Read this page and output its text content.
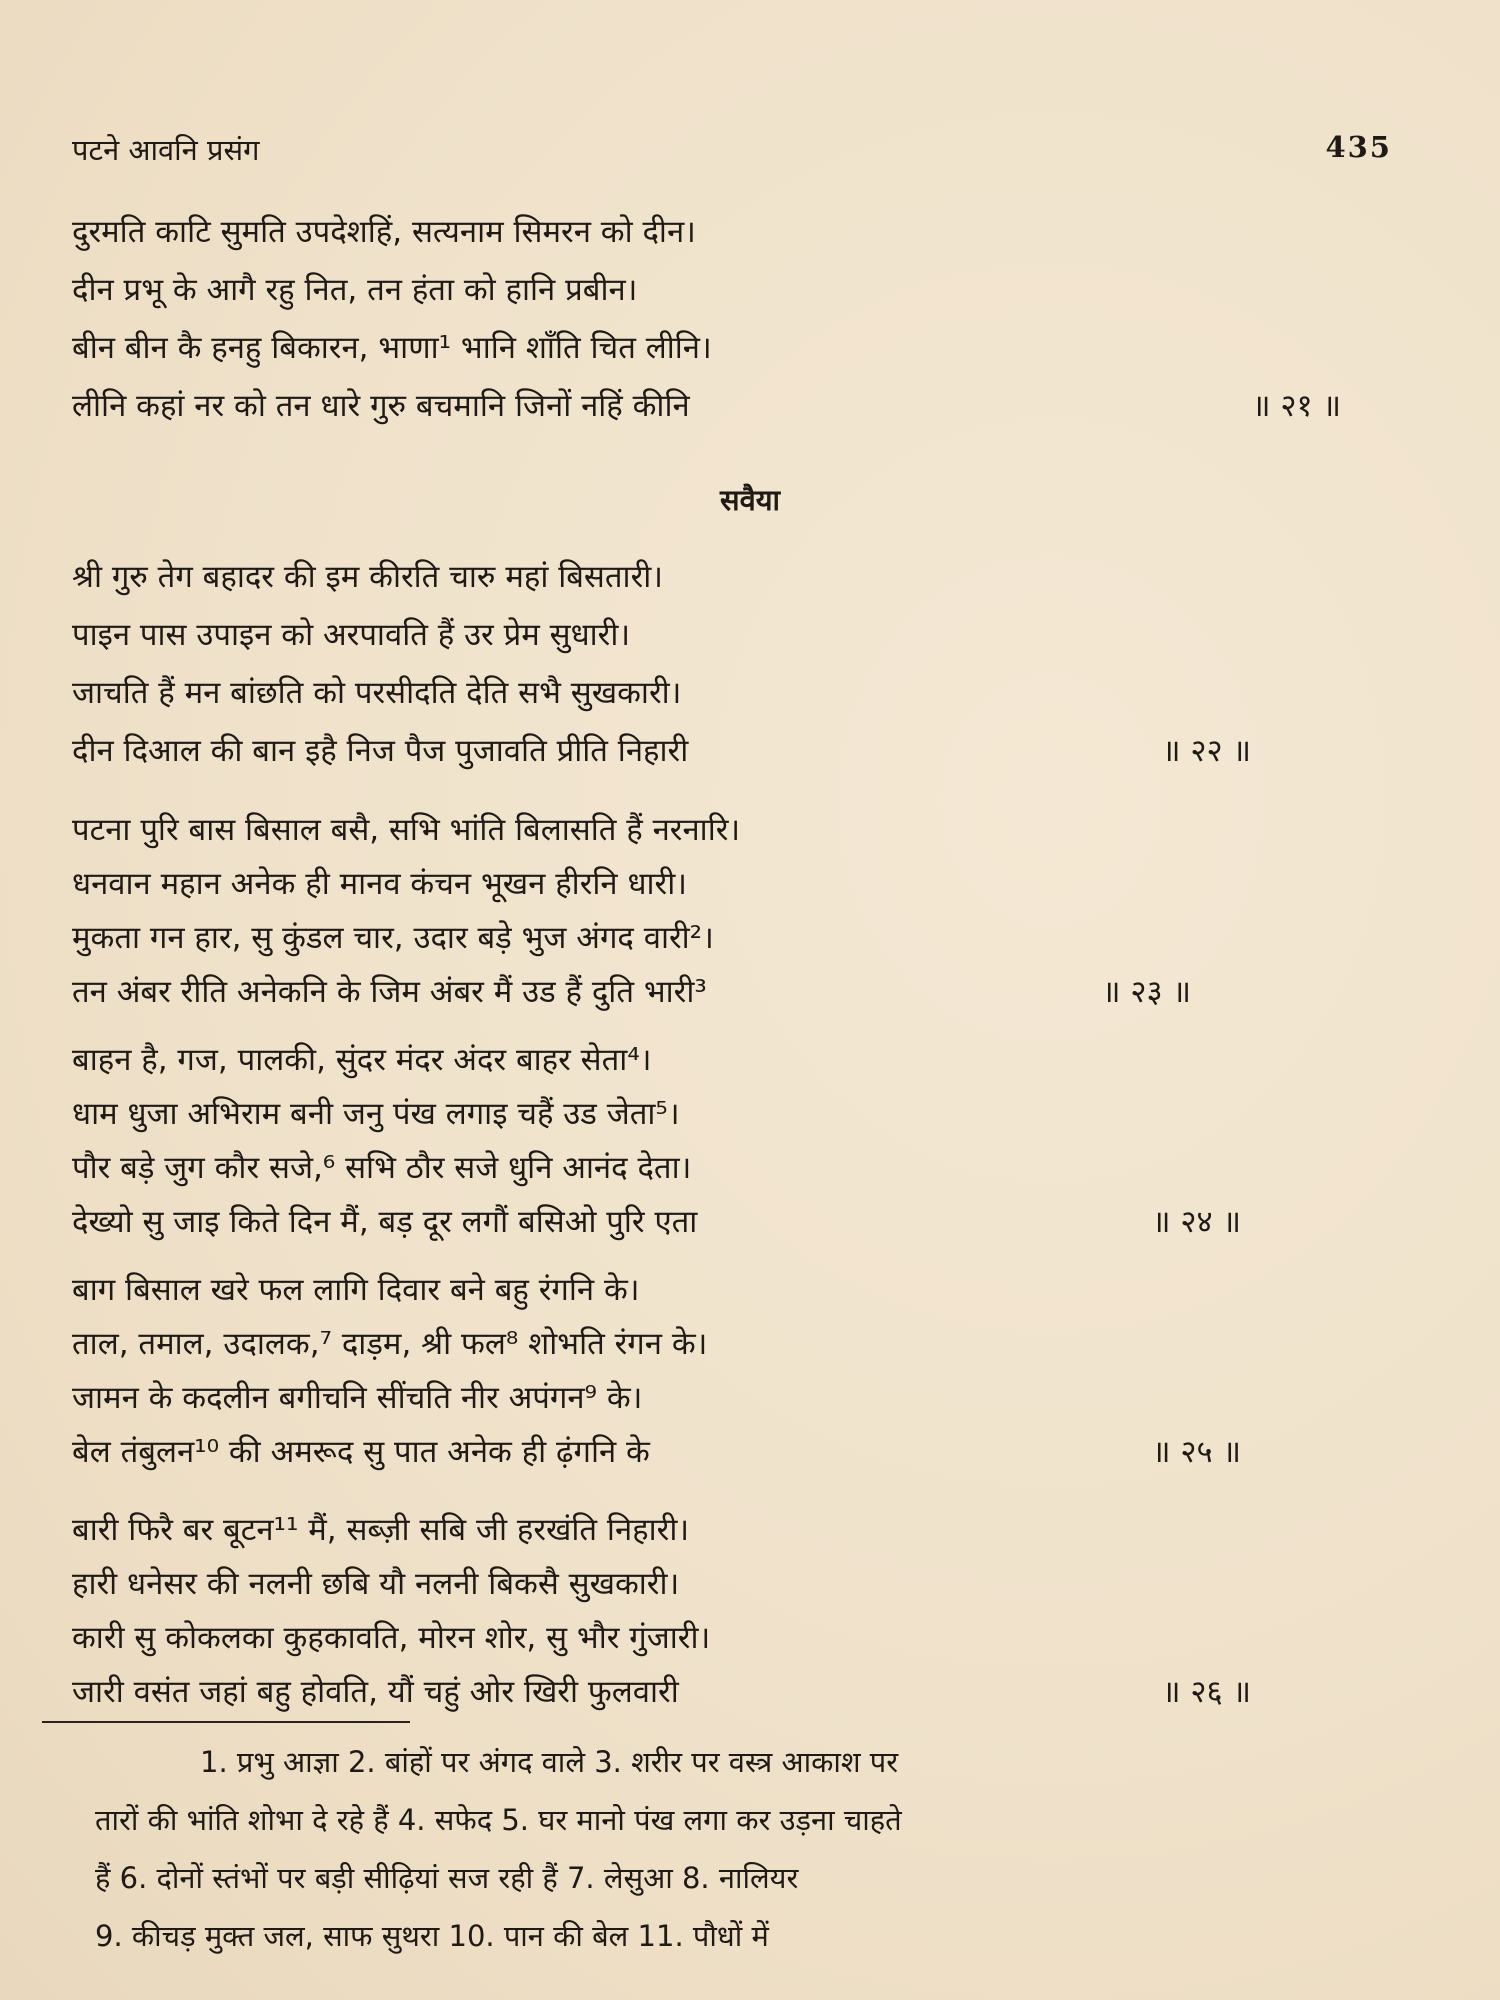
पटने आवनि प्रसंग	435
दुरमति काटि सुमति उपदेशहिं, सत्यनाम सिमरन को दीन।
दीन प्रभू के आगै रहु नित, तन हंता को हानि प्रबीन।
बीन बीन कै हनहु बिकारन, भाणा¹ भानि शाँति चित लीनि।
लीनि कहां नर को तन धारे गुरु बचमानि जिनों नहिं कीनि	॥ २१ ॥
सवैया
श्री गुरु तेग बहादर की इम कीरति चारु महां बिसतारी।
पाइन पास उपाइन को अरपावति हैं उर प्रेम सुधारी।
जाचति हैं मन बांछति को परसीदति देति सभै सुखकारी।
दीन दिआल की बान इहै निज पैज पुजावति प्रीति निहारी	॥ २२ ॥
पटना पुरि बास बिसाल बसै, सभि भांति बिलासति हैं नरनारि।
धनवान महान अनेक ही मानव कंचन भूखन हीरनि धारी।
मुकता गन हार, सु कुंडल चार, उदार बड़े भुज अंगद वारी²।
तन अंबर रीति अनेकनि के जिम अंबर मैं उड हैं दुति भारी³	॥ २३ ॥
बाहन है, गज, पालकी, सुंदर मंदर अंदर बाहर सेता⁴।
धाम धुजा अभिराम बनी जनु पंख लगाइ चहैं उड जेता⁵।
पौर बड़े जुग कौर सजे,⁶ सभि ठौर सजे धुनि आनंद देता।
देख्यो सु जाइ किते दिन मैं, बड़ दूर लगौं बसिओ पुरि एता	॥ २४ ॥
बाग बिसाल खरे फल लागि दिवार बने बहु रंगनि के।
ताल, तमाल, उदालक,⁷ दाड़म, श्री फल⁸ शोभति रंगन के।
जामन के कदलीन बगीचनि सींचति नीर अपंगन⁹ के।
बेल तंबुलन¹⁰ की अमरूद सु पात अनेक ही ढ़ंगनि के	॥ २५ ॥
बारी फिरै बर बूटन¹¹ मैं, सब्ज़ी सबि जी हरखंति निहारी।
हारी धनेसर की नलनी छबि यौ नलनी बिकसै सुखकारी।
कारी सु कोकलका कुहकावति, मोरन शोर, सु भौर गुंजारी।
जारी वसंत जहां बहु होवति, यौं चहुं ओर खिरी फुलवारी	॥ २६ ॥
1. प्रभु आज्ञा 2. बांहों पर अंगद वाले 3. शरीर पर वस्त्र आकाश पर
तारों की भांति शोभा दे रहे हैं 4. सफेद 5. घर मानो पंख लगा कर उड़ना चाहते
हैं 6. दोनों स्तंभों पर बड़ी सीढ़ियां सज रही हैं 7. लेसुआ 8. नालियर
9. कीचड़ मुक्त जल, साफ सुथरा 10. पान की बेल 11. पौधों में
